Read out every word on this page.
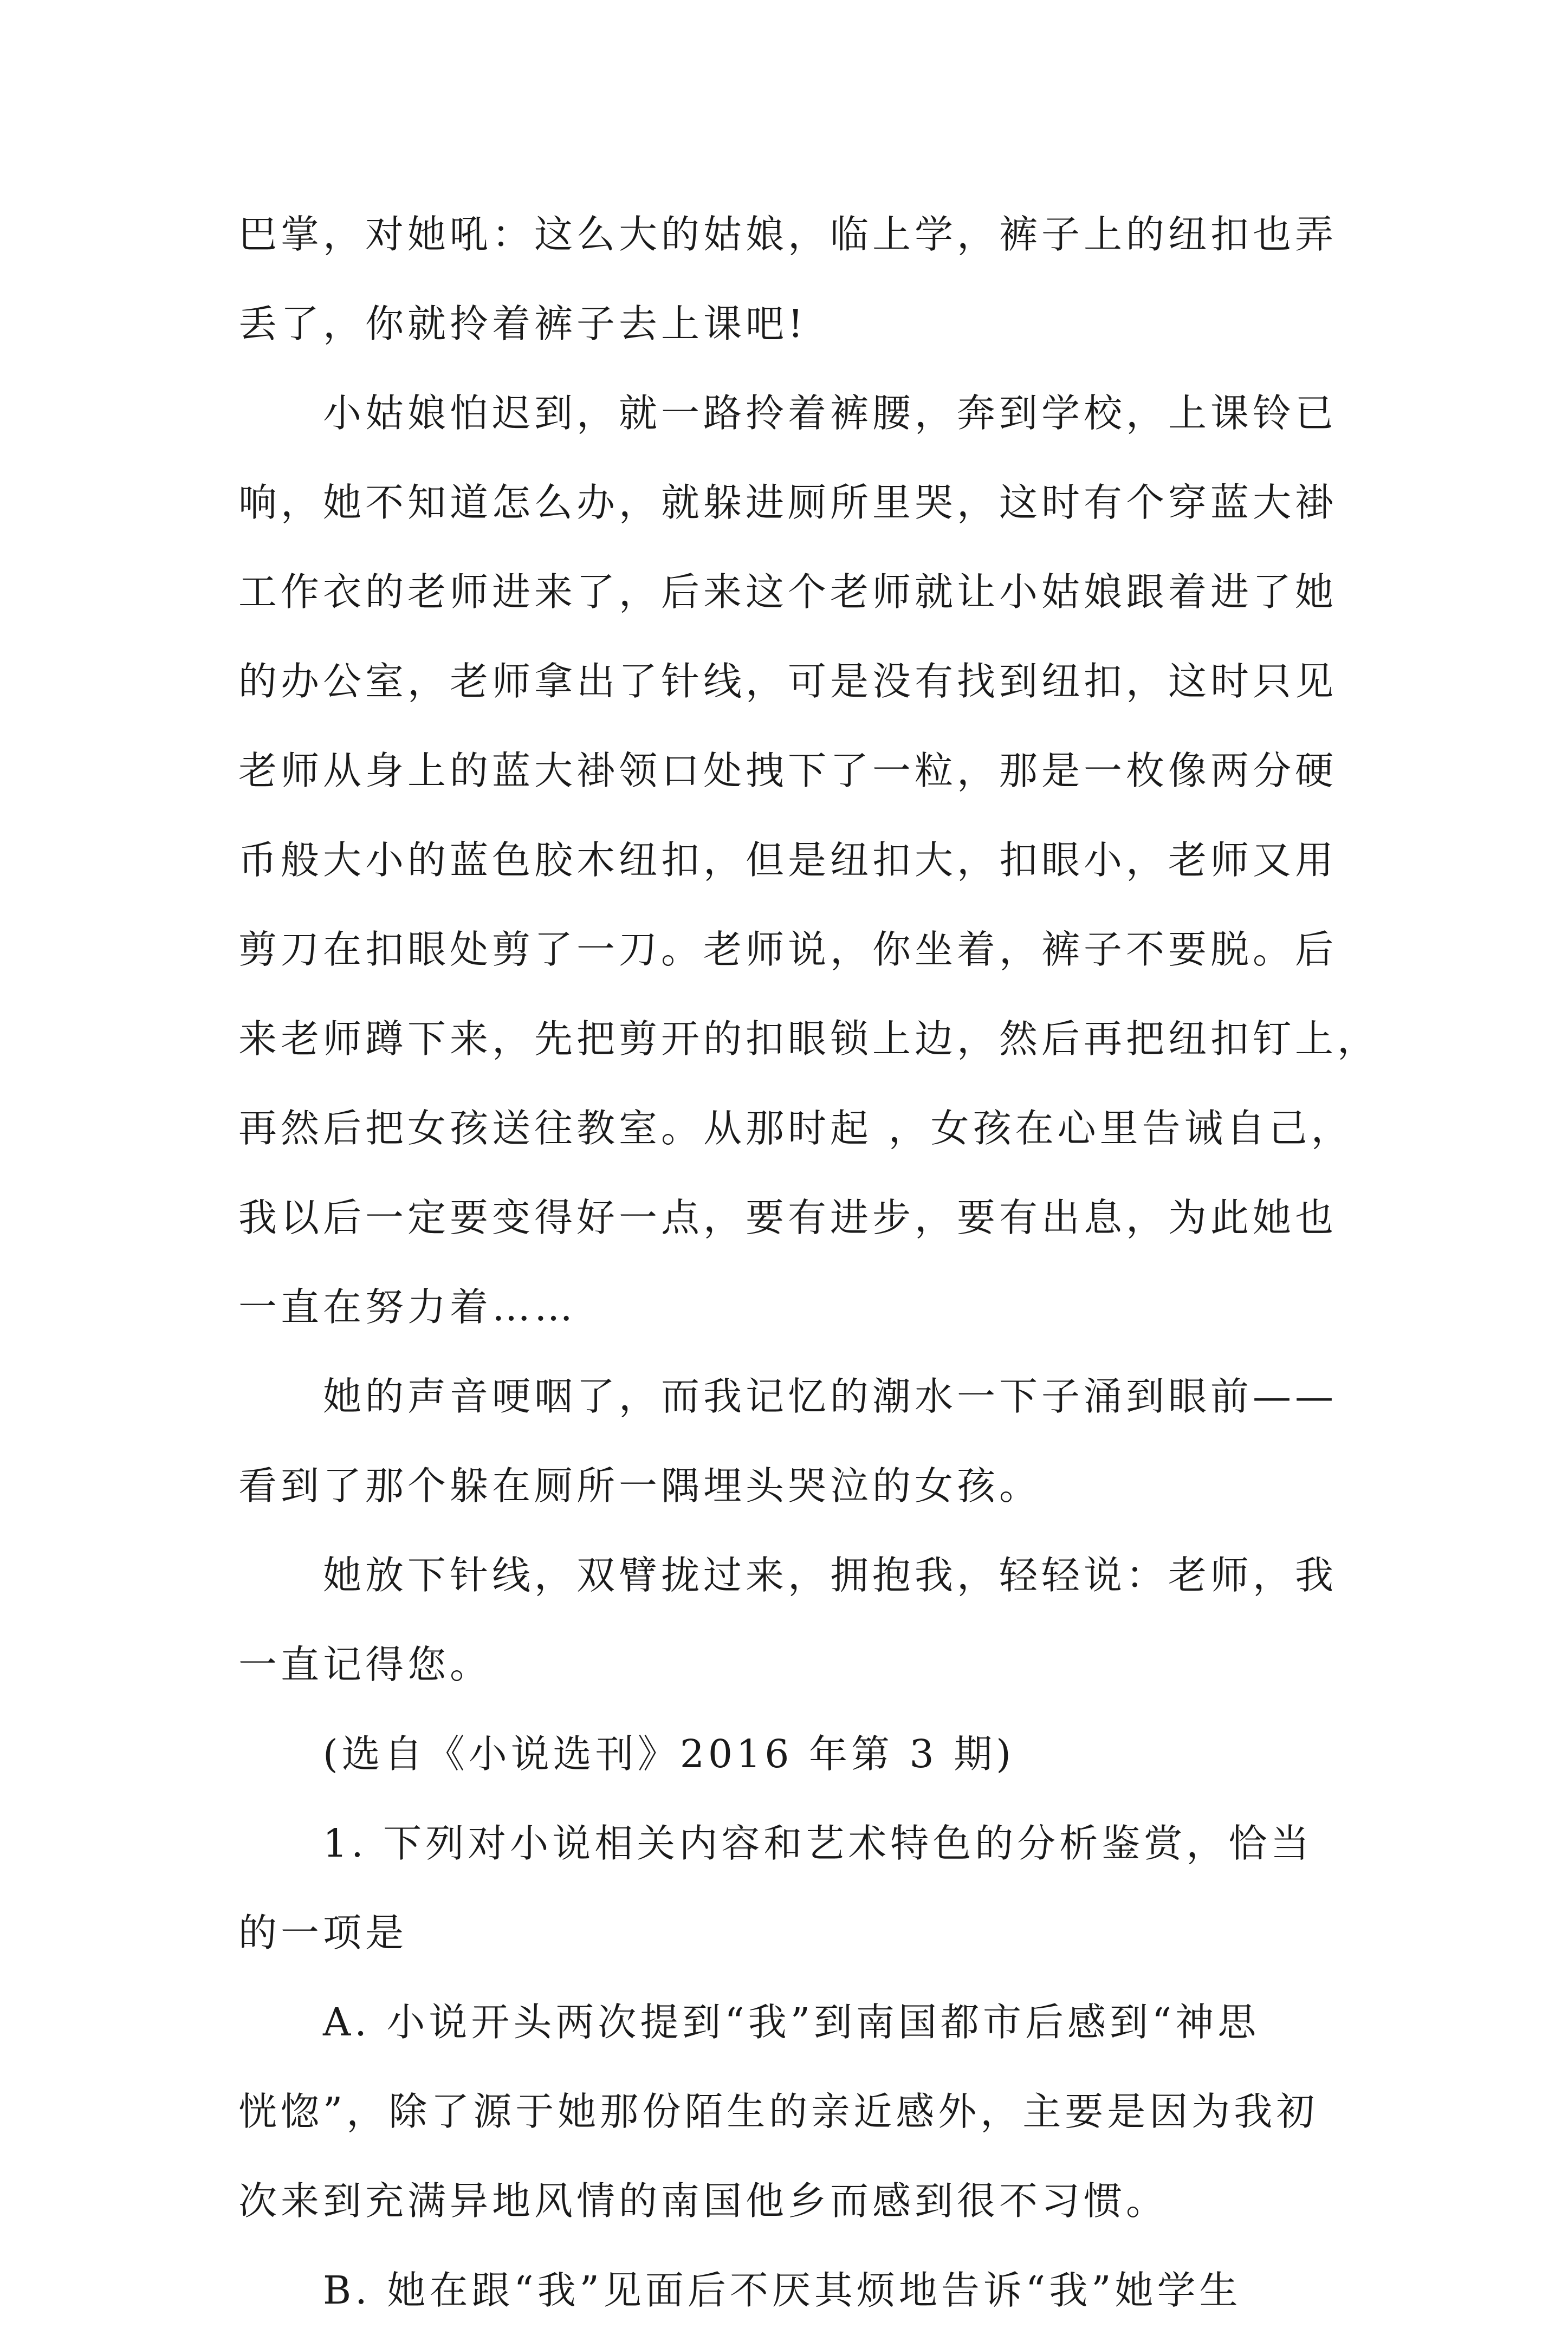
巴掌，对她吼：这么大的姑娘，临上学，裤子上的纽扣也弄
丢了，你就拎着裤子去上课吧!

小姑娘怕迟到，就一路拎着裤腰，奔到学校，上课铃已
响，她不知道怎么办，就躲进厕所里哭，这时有个穿蓝大褂
工作衣的老师进来了，后来这个老师就让小姑娘跟着进了她
的办公室，老师拿出了针线，可是没有找到纽扣，这时只见
老师从身上的蓝大褂领口处拽下了一粒，那是一枚像两分硬
币般大小的蓝色胶木纽扣，但是纽扣大，扣眼小，老师又用
剪刀在扣眼处剪了一刀。老师说，你坐着，裤子不要脱。后
来老师蹲下来，先把剪开的扣眼锁上边，然后再把纽扣钉上，
再然后把女孩送往教室。从那时起 ，女孩在心里告诫自己，
我以后一定要变得好一点，要有进步，要有出息，为此她也
一直在努力着……

她的声音哽咽了，而我记忆的潮水一下子涌到眼前——
看到了那个躲在厕所一隅埋头哭泣的女孩。

她放下针线，双臂拢过来，拥抱我，轻轻说：老师，我
一直记得您。

(选自《小说选刊》2016 年第 3 期)

1. 下列对小说相关内容和艺术特色的分析鉴赏，恰当
的一项是

A. 小说开头两次提到“我”到南国都市后感到“神思
恍惚”，除了源于她那份陌生的亲近感外，主要是因为我初
次来到充满异地风情的南国他乡而感到很不习惯。

B. 她在跟“我”见面后不厌其烦地告诉“我”她学生
